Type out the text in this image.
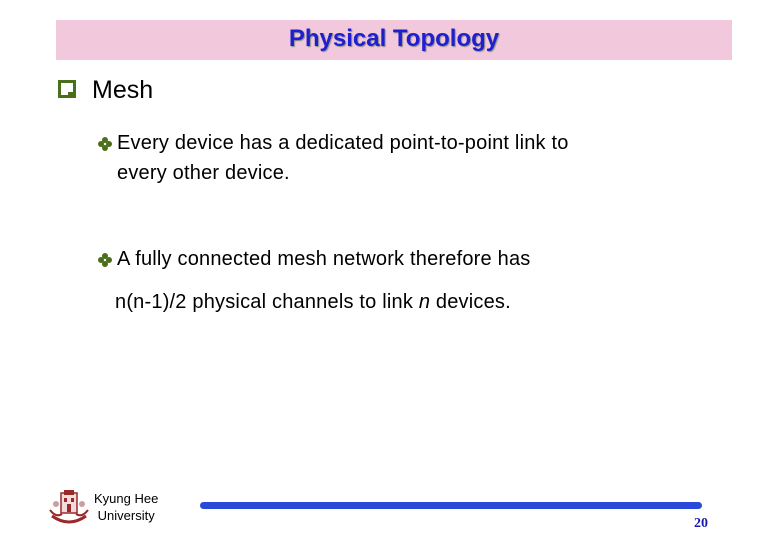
Physical Topology
Mesh
Every device has a dedicated point-to-point link to
every other device.
A fully connected mesh network therefore has
n(n-1)/2 physical channels to link n devices.
Kyung Hee
University
20
